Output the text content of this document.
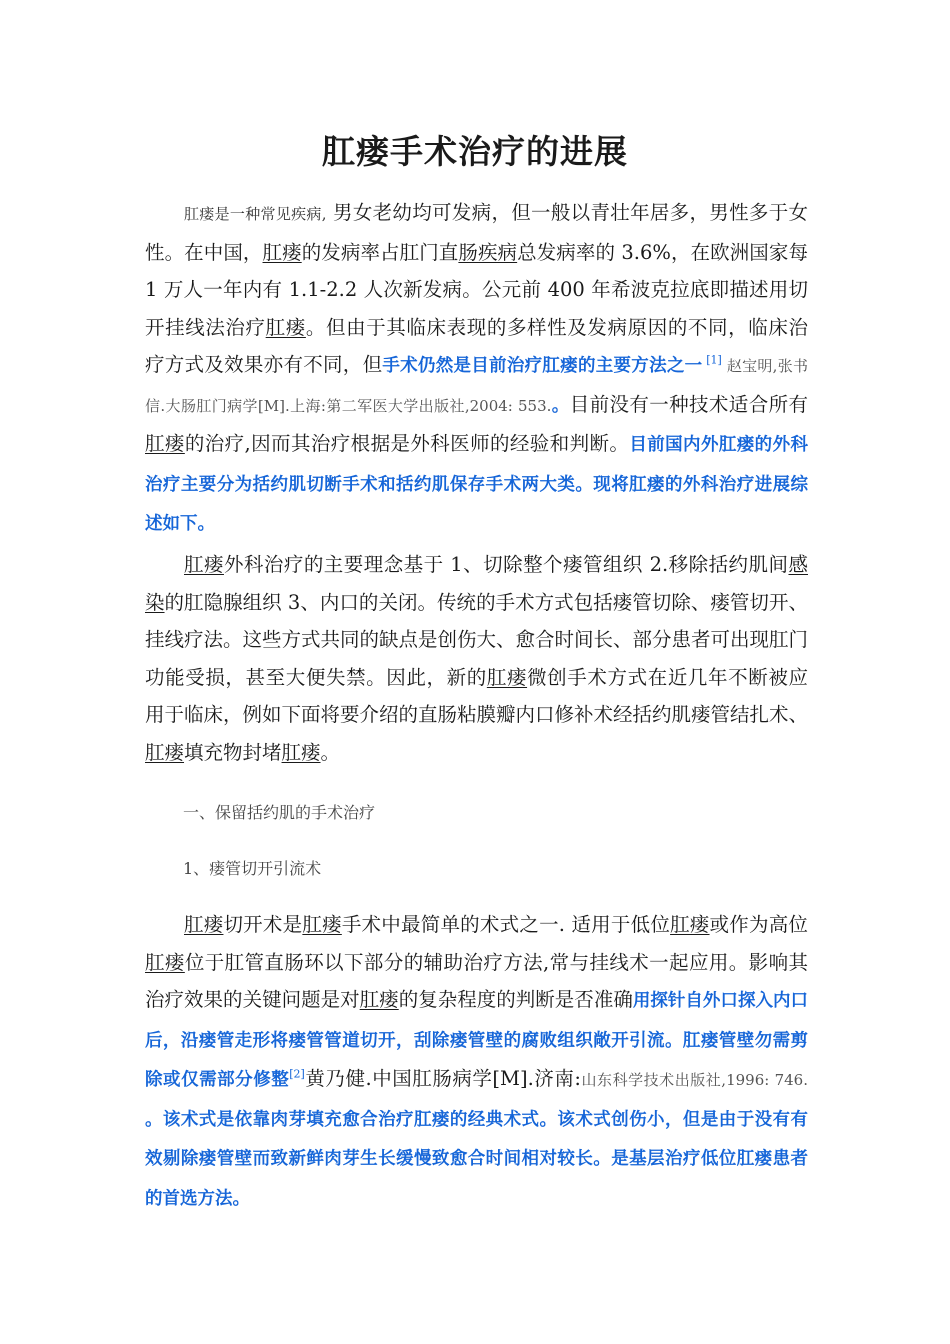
肛瘘手术治疗的进展

肛瘘是一种常见疾病, 男女老幼均可发病，但一般以青壮年居多，男性多于女性。在中国，肛瘘的发病率占肛门直肠疾病总发病率的 3.6%，在欧洲国家每 1 万人一年内有 1.1-2.2 人次新发病。公元前 400 年希波克拉底即描述用切开挂线法治疗肛瘘。但由于其临床表现的多样性及发病原因的不同，临床治疗方式及效果亦有不同，但手术仍然是目前治疗肛瘘的主要方法之一 [1] 赵宝明,张书信.大肠肛门病学[M].上海:第二军医大学出版社,2004: 553.。目前没有一种技术适合所有肛瘘的治疗,因而其治疗根据是外科医师的经验和判断。目前国内外肛瘘的外科治疗主要分为括约肌切断手术和括约肌保存手术两大类。现将肛瘘的外科治疗进展综述如下。

肛瘘外科治疗的主要理念基于 1、切除整个瘘管组织 2.移除括约肌间感染的肛隐腺组织 3、内口的关闭。传统的手术方式包括瘘管切除、瘘管切开、挂线疗法。这些方式共同的缺点是创伤大、愈合时间长、部分患者可出现肛门功能受损，甚至大便失禁。因此，新的肛瘘微创手术方式在近几年不断被应用于临床，例如下面将要介绍的直肠粘膜瓣内口修补术经括约肌瘘管结扎术、肛瘘填充物封堵肛瘘。

一、保留括约肌的手术治疗

1、瘘管切开引流术

肛瘘切开术是肛瘘手术中最简单的术式之一. 适用于低位肛瘘或作为高位肛瘘位于肛管直肠环以下部分的辅助治疗方法,常与挂线术一起应用。影响其治疗效果的关键问题是对肛瘘的复杂程度的判断是否准确用探针自外口探入内口后，沿瘘管走形将瘘管管道切开，刮除瘘管壁的腐败组织敞开引流。肛瘘管壁勿需剪除或仅需部分修整[2]黄乃健.中国肛肠病学[M].济南:山东科学技术出版社,1996: 746. 。该术式是依靠肉芽填充愈合治疗肛瘘的经典术式。该术式创伤小，但是由于没有有效剔除瘘管壁而致新鲜肉芽生长缓慢致愈合时间相对较长。是基层治疗低位肛瘘患者的首选方法。
